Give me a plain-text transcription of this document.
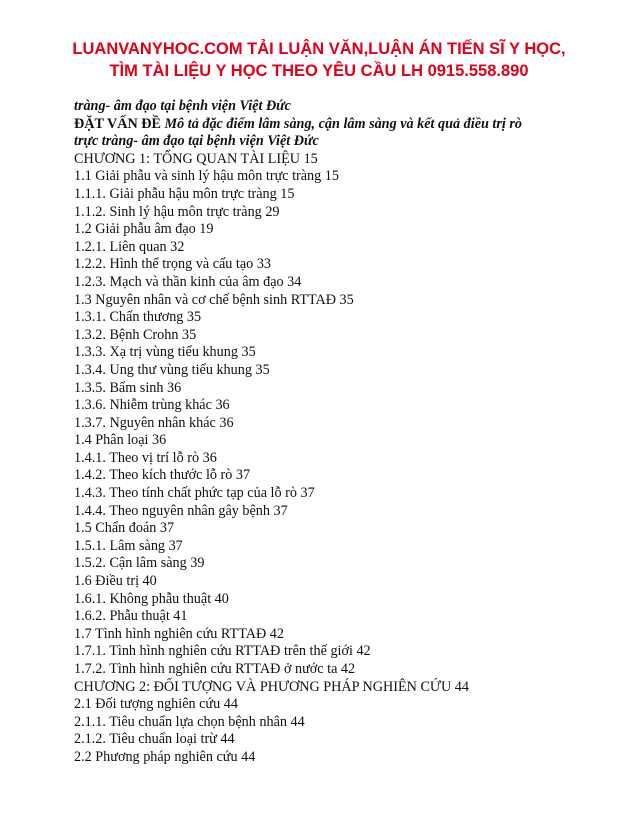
LUANVANYHOC.COM TẢI LUẬN VĂN,LUẬN ÁN TIẾN SĨ Y HỌC,
TÌM TÀI LIỆU Y HỌC THEO YÊU CẦU LH 0915.558.890
tràng- âm đạo tại bệnh viện Việt Đức
ĐẶT VẤN ĐỀ Mô tả đặc điểm lâm sàng, cận lâm sàng và kết quả điều trị rò
trực tràng- âm đạo tại bệnh viện Việt Đức
CHƯƠNG 1: TỔNG QUAN TÀI LIỆU 15
1.1 Giải phẫu và sinh lý hậu môn trực tràng 15
1.1.1. Giải phẫu hậu môn trực tràng 15
1.1.2. Sinh lý hậu môn trực tràng 29
1.2 Giải phẫu âm đạo 19
1.2.1. Liên quan 32
1.2.2. Hình thể trọng và cấu tạo 33
1.2.3. Mạch và thần kinh của âm đạo 34
1.3 Nguyên nhân và cơ chế bệnh sinh RTTAĐ 35
1.3.1. Chấn thương 35
1.3.2. Bệnh Crohn 35
1.3.3. Xạ trị vùng tiểu khung 35
1.3.4. Ung thư vùng tiểu khung 35
1.3.5. Bẩm sinh 36
1.3.6. Nhiễm trùng khác 36
1.3.7. Nguyên nhân khác 36
1.4 Phân loại 36
1.4.1. Theo vị trí lỗ rò 36
1.4.2. Theo kích thước lỗ rò 37
1.4.3. Theo tính chất phức tạp của lỗ rò 37
1.4.4. Theo nguyên nhân gây bệnh 37
1.5 Chẩn đoán 37
1.5.1. Lâm sàng 37
1.5.2. Cận lâm sàng 39
1.6 Điều trị 40
1.6.1. Không phẫu thuật 40
1.6.2. Phẫu thuật 41
1.7 Tình hình nghiên cứu RTTAĐ 42
1.7.1. Tình hình nghiên cứu RTTAĐ trên thế giới 42
1.7.2. Tình hình nghiên cứu RTTAĐ ở nước ta 42
CHƯƠNG 2: ĐỐI TƯỢNG VÀ PHƯƠNG PHÁP NGHIÊN CỨU 44
2.1 Đối tượng nghiên cứu 44
2.1.1. Tiêu chuẩn lựa chọn bệnh nhân 44
2.1.2. Tiêu chuẩn loại trừ 44
2.2 Phương pháp nghiên cứu 44
